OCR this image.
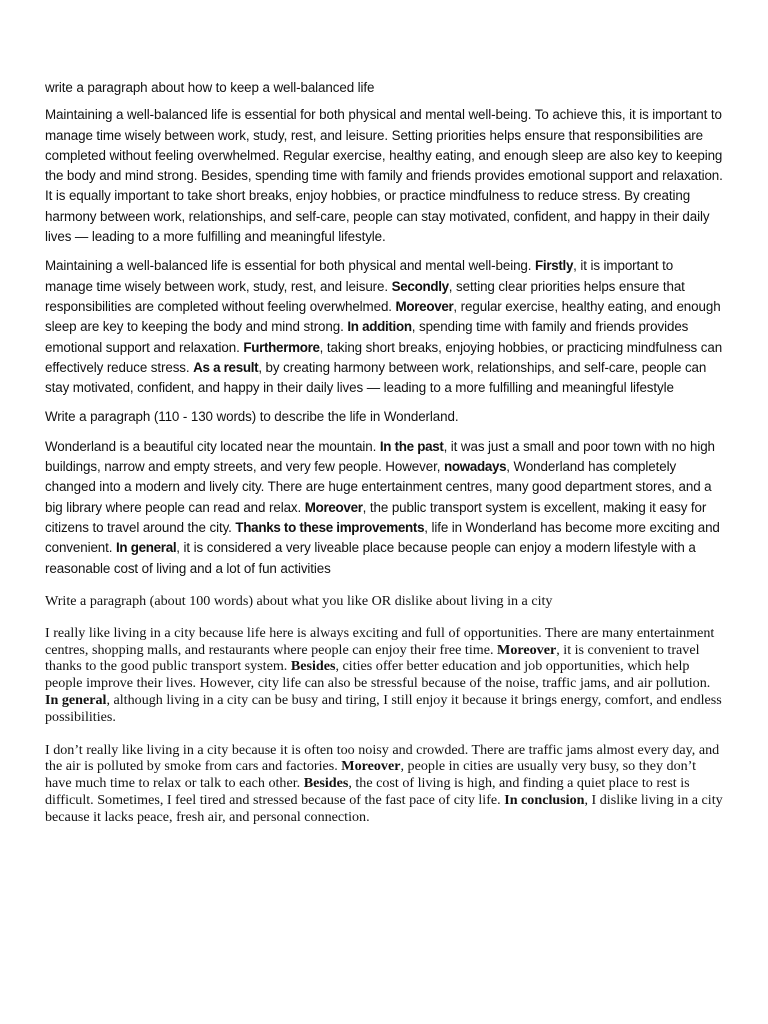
write a paragraph about how to keep a well-balanced life

Maintaining a well-balanced life is essential for both physical and mental well-being. To achieve this, it is important to manage time wisely between work, study, rest, and leisure. Setting priorities helps ensure that responsibilities are completed without feeling overwhelmed. Regular exercise, healthy eating, and enough sleep are also key to keeping the body and mind strong. Besides, spending time with family and friends provides emotional support and relaxation. It is equally important to take short breaks, enjoy hobbies, or practice mindfulness to reduce stress. By creating harmony between work, relationships, and self-care, people can stay motivated, confident, and happy in their daily lives — leading to a more fulfilling and meaningful lifestyle.

Maintaining a well-balanced life is essential for both physical and mental well-being. Firstly, it is important to manage time wisely between work, study, rest, and leisure. Secondly, setting clear priorities helps ensure that responsibilities are completed without feeling overwhelmed. Moreover, regular exercise, healthy eating, and enough sleep are key to keeping the body and mind strong. In addition, spending time with family and friends provides emotional support and relaxation. Furthermore, taking short breaks, enjoying hobbies, or practicing mindfulness can effectively reduce stress. As a result, by creating harmony between work, relationships, and self-care, people can stay motivated, confident, and happy in their daily lives — leading to a more fulfilling and meaningful lifestyle

Write a paragraph (110 - 130 words) to describe the life in Wonderland.

Wonderland is a beautiful city located near the mountain. In the past, it was just a small and poor town with no high buildings, narrow and empty streets, and very few people. However, nowadays, Wonderland has completely changed into a modern and lively city. There are huge entertainment centres, many good department stores, and a big library where people can read and relax. Moreover, the public transport system is excellent, making it easy for citizens to travel around the city. Thanks to these improvements, life in Wonderland has become more exciting and convenient. In general, it is considered a very liveable place because people can enjoy a modern lifestyle with a reasonable cost of living and a lot of fun activities

Write a paragraph (about 100 words) about what you like OR dislike about living in a city

I really like living in a city because life here is always exciting and full of opportunities. There are many entertainment centres, shopping malls, and restaurants where people can enjoy their free time. Moreover, it is convenient to travel thanks to the good public transport system. Besides, cities offer better education and job opportunities, which help people improve their lives. However, city life can also be stressful because of the noise, traffic jams, and air pollution. In general, although living in a city can be busy and tiring, I still enjoy it because it brings energy, comfort, and endless possibilities.

I don’t really like living in a city because it is often too noisy and crowded. There are traffic jams almost every day, and the air is polluted by smoke from cars and factories. Moreover, people in cities are usually very busy, so they don’t have much time to relax or talk to each other. Besides, the cost of living is high, and finding a quiet place to rest is difficult. Sometimes, I feel tired and stressed because of the fast pace of city life. In conclusion, I dislike living in a city because it lacks peace, fresh air, and personal connection.
